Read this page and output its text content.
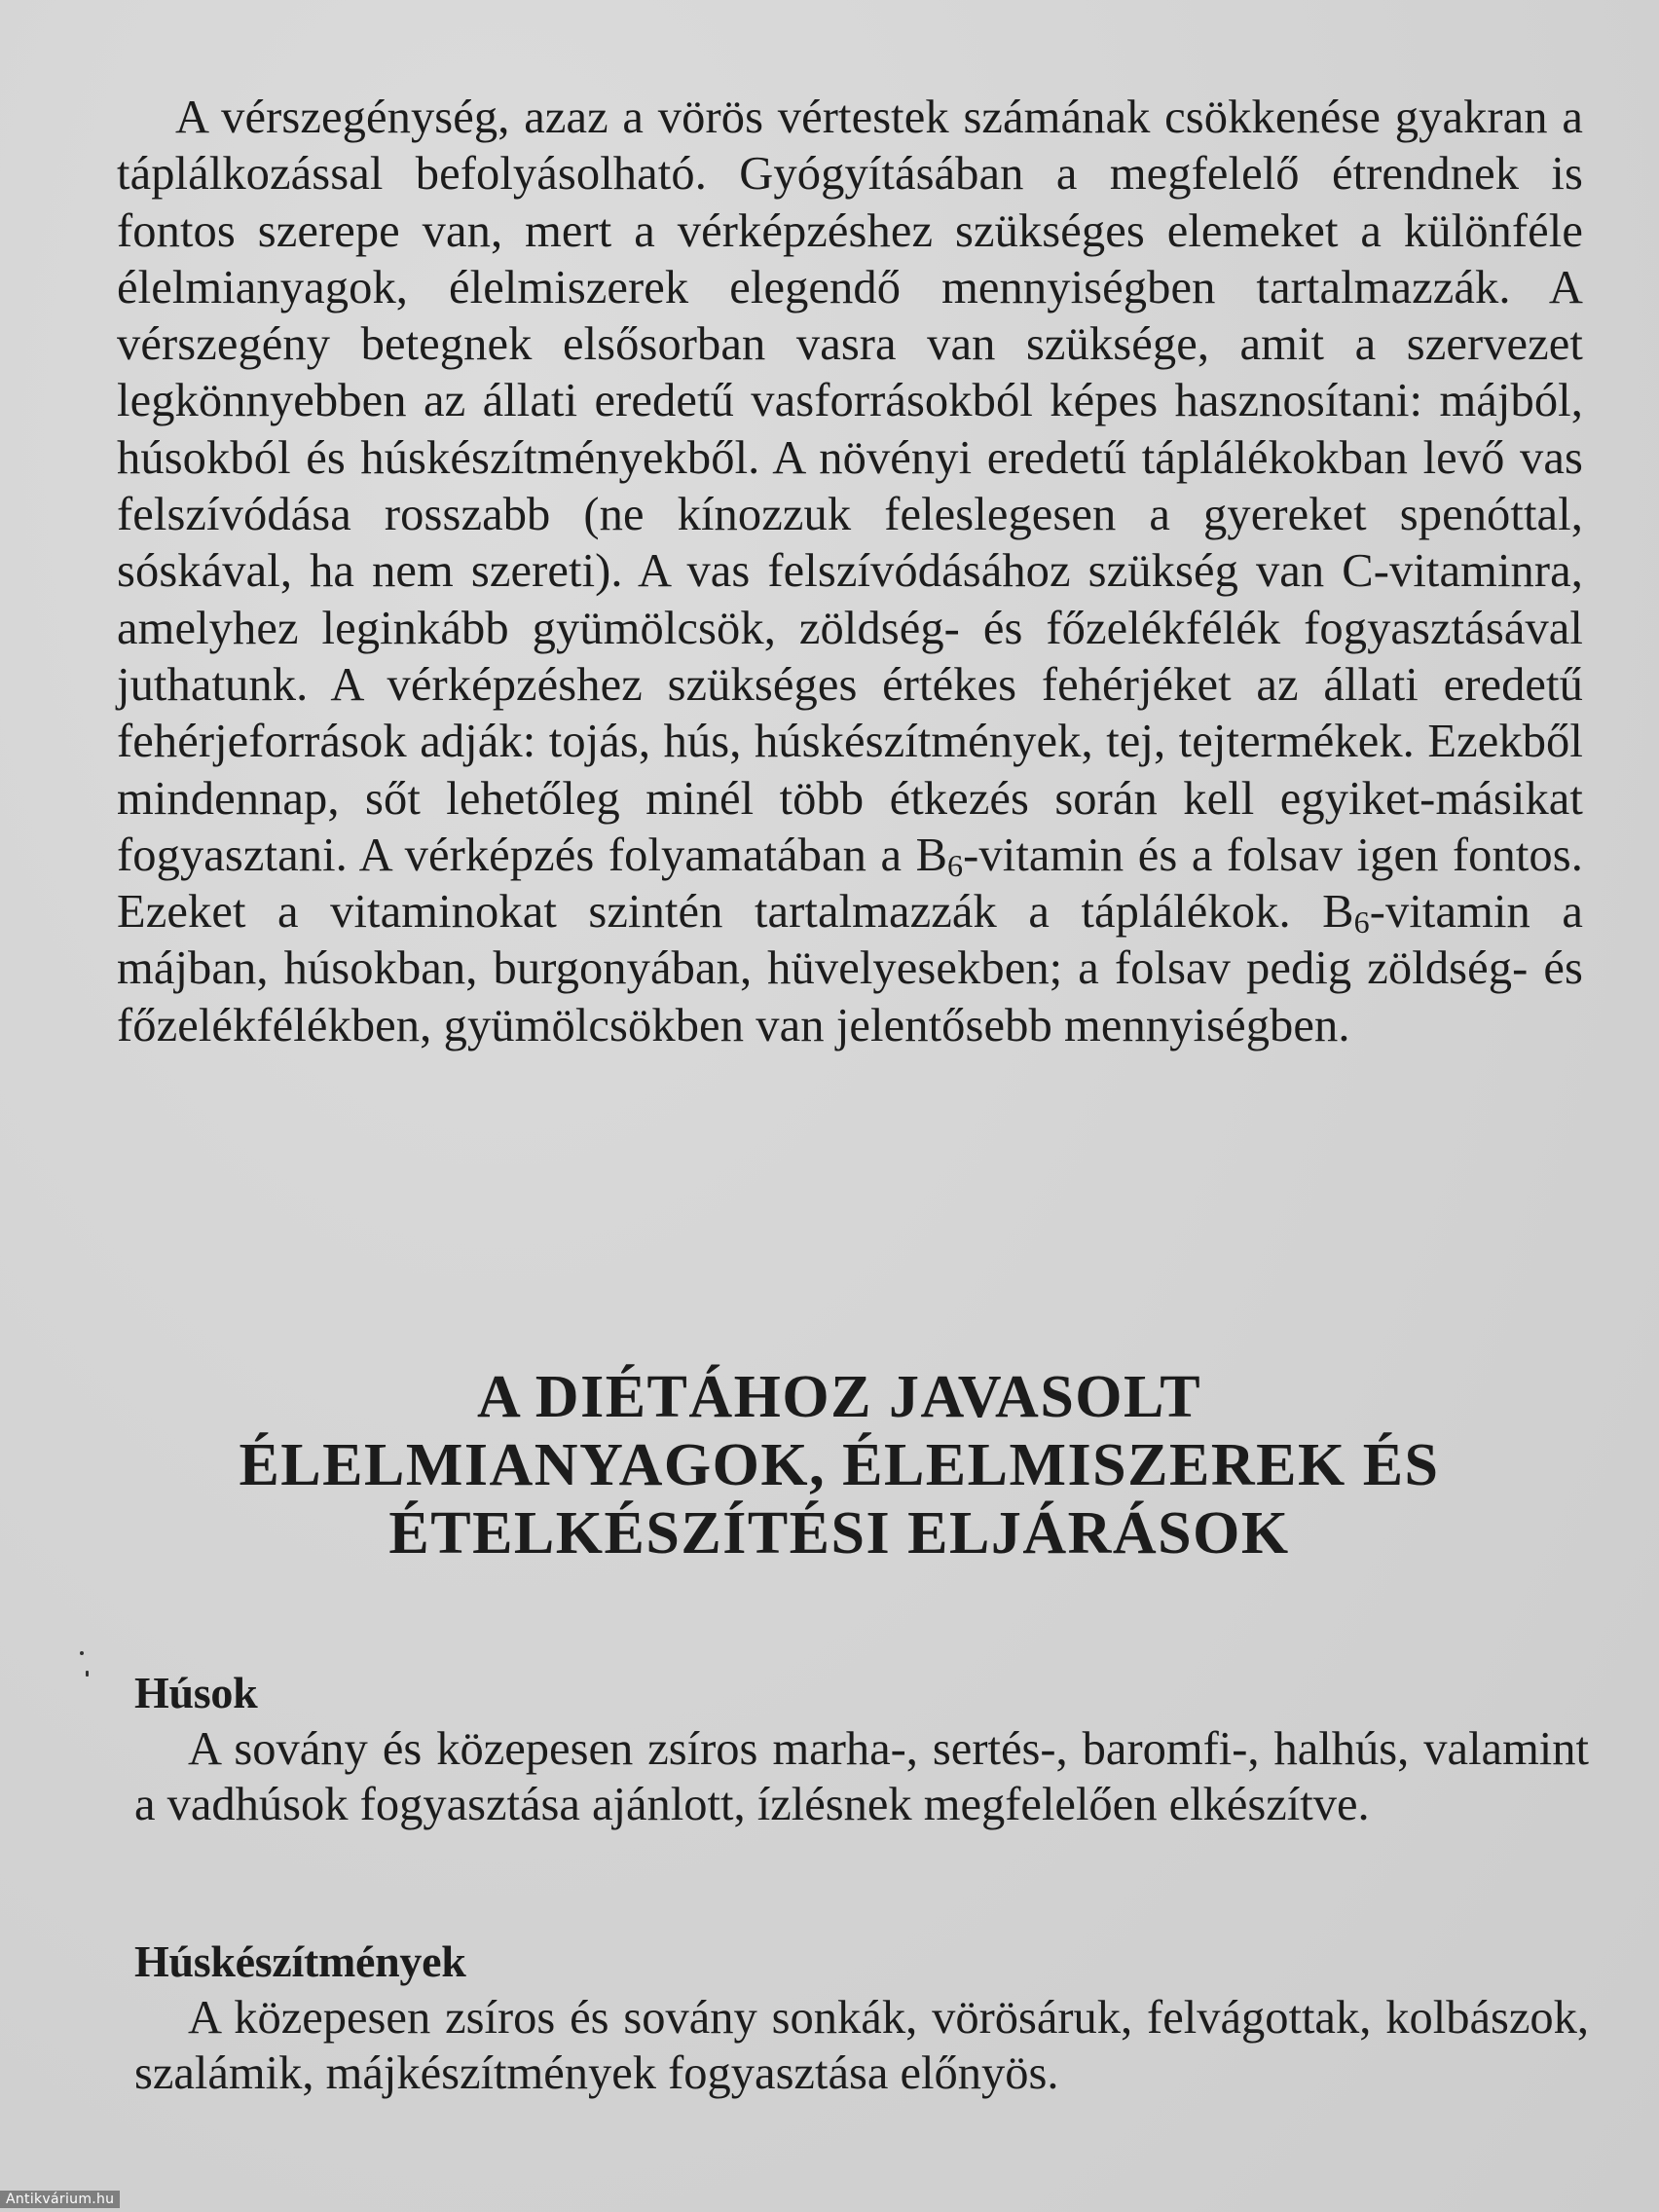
A vérszegénység, azaz a vörös vértestek számának csökkenése gyakran a táplálkozással befolyásolható. Gyógyításában a megfelelő étrendnek is fontos szerepe van, mert a vérképzéshez szükséges elemeket a különféle élelmianyagok, élelmiszerek elegendő mennyiségben tartalmazzák. A vérszegény betegnek elsősorban vasra van szüksége, amit a szervezet legkönnyebben az állati eredetű vasforrásokból képes hasznosítani: májból, húsokból és húskészítményekből. A növényi eredetű táplálékokban levő vas felszívódása rosszabb (ne kínozzuk feleslegesen a gyereket spenóttal, sóskával, ha nem szereti). A vas felszívódásához szükség van C-vitaminra, amelyhez leginkább gyümölcsök, zöldség- és főzelékfélék fogyasztásával juthatunk. A vérképzéshez szükséges értékes fehérjéket az állati eredetű fehérjeforrások adják: tojás, hús, húskészítmények, tej, tejtermékek. Ezekből mindennap, sőt lehetőleg minél több étkezés során kell egyiket-másikat fogyasztani. A vérképzés folyamatában a $B_6$-vitamin és a folsav igen fontos. Ezeket a vitaminokat szintén tartalmazzák a táplálékok. $B_6$-vitamin a májban, húsokban, burgonyában, hüvelyesekben; a folsav pedig zöldség- és főzelékfélékben, gyümölcsökben van jelentősebb mennyiségben.

A DIÉTÁHOZ JAVASOLT
ÉLELMIANYAGOK, ÉLELMISZEREK ÉS
ÉTELKÉSZÍTÉSI ELJÁRÁSOK
Húsok

A sovány és közepesen zsíros marha-, sertés-, baromfi-, halhús, valamint a vadhúsok fogyasztása ajánlott, ízlésnek megfelelően elkészítve.

Húskészítmények

A közepesen zsíros és sovány sonkák, vörösáruk, felvágottak, kolbászok, szalámik, májkészítmények fogyasztása előnyös.

Antikvárium.hu
